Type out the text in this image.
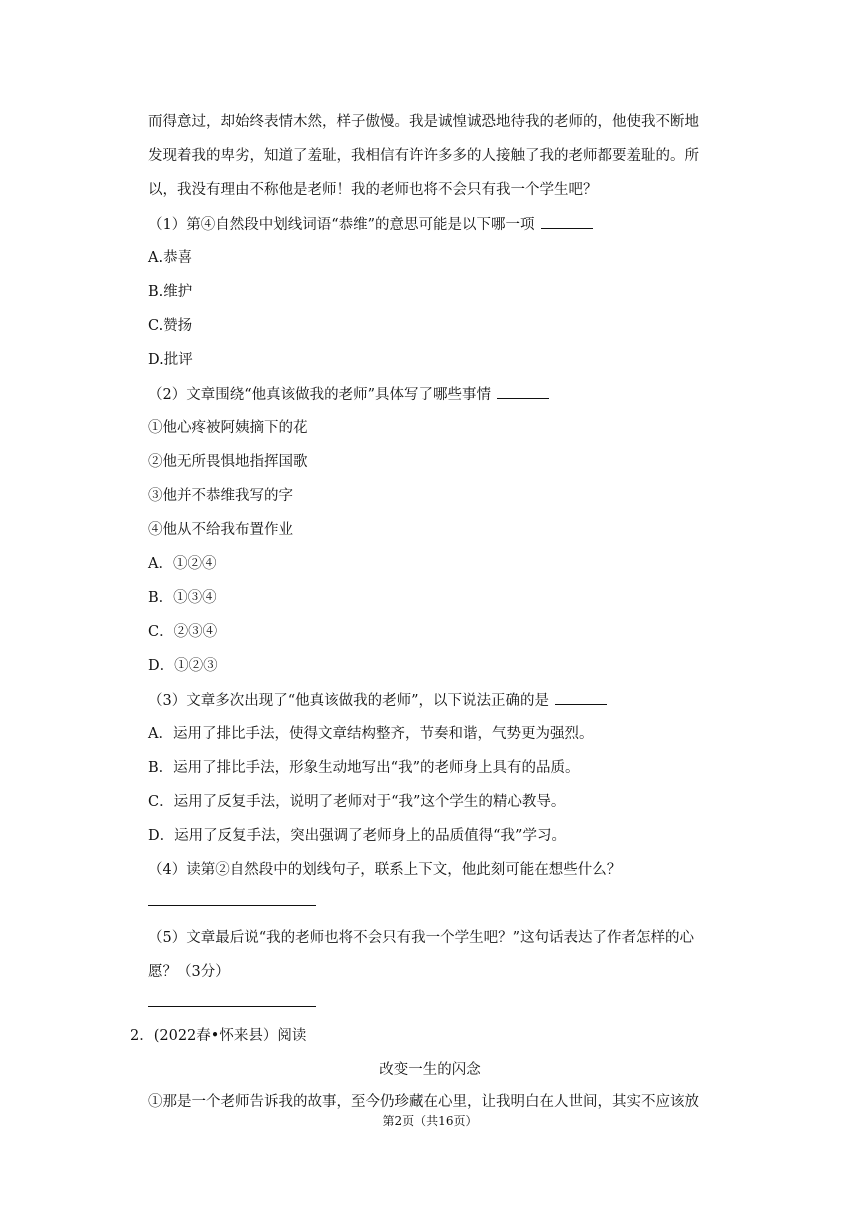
而得意过，却始终表情木然，样子傲慢。我是诚惶诚恐地待我的老师的，他使我不断地
发现着我的卑劣，知道了羞耻，我相信有许许多多的人接触了我的老师都要羞耻的。所
以，我没有理由不称他是老师！我的老师也将不会只有我一个学生吧？
（1）第④自然段中划线词语“恭维”的意思可能是以下哪一项
A.恭喜
B.维护
C.赞扬
D.批评
（2）文章围绕“他真该做我的老师”具体写了哪些事情
①他心疼被阿姨摘下的花
②他无所畏惧地指挥国歌
③他并不恭维我写的字
④他从不给我布置作业
A．①②④
B．①③④
C．②③④
D．①②③
（3）文章多次出现了“他真该做我的老师”，以下说法正确的是
A．运用了排比手法，使得文章结构整齐，节奏和谐，气势更为强烈。
B．运用了排比手法，形象生动地写出“我”的老师身上具有的品质。
C．运用了反复手法，说明了老师对于“我”这个学生的精心教导。
D．运用了反复手法，突出强调了老师身上的品质值得“我”学习。
（4）读第②自然段中的划线句子，联系上下文，他此刻可能在想些什么？
（5）文章最后说“我的老师也将不会只有我一个学生吧？”这句话表达了作者怎样的心
愿？（3分）
2．(2022春•怀来县）阅读
改变一生的闪念
①那是一个老师告诉我的故事，至今仍珍藏在心里，让我明白在人世间，其实不应该放
第2页（共16页）
